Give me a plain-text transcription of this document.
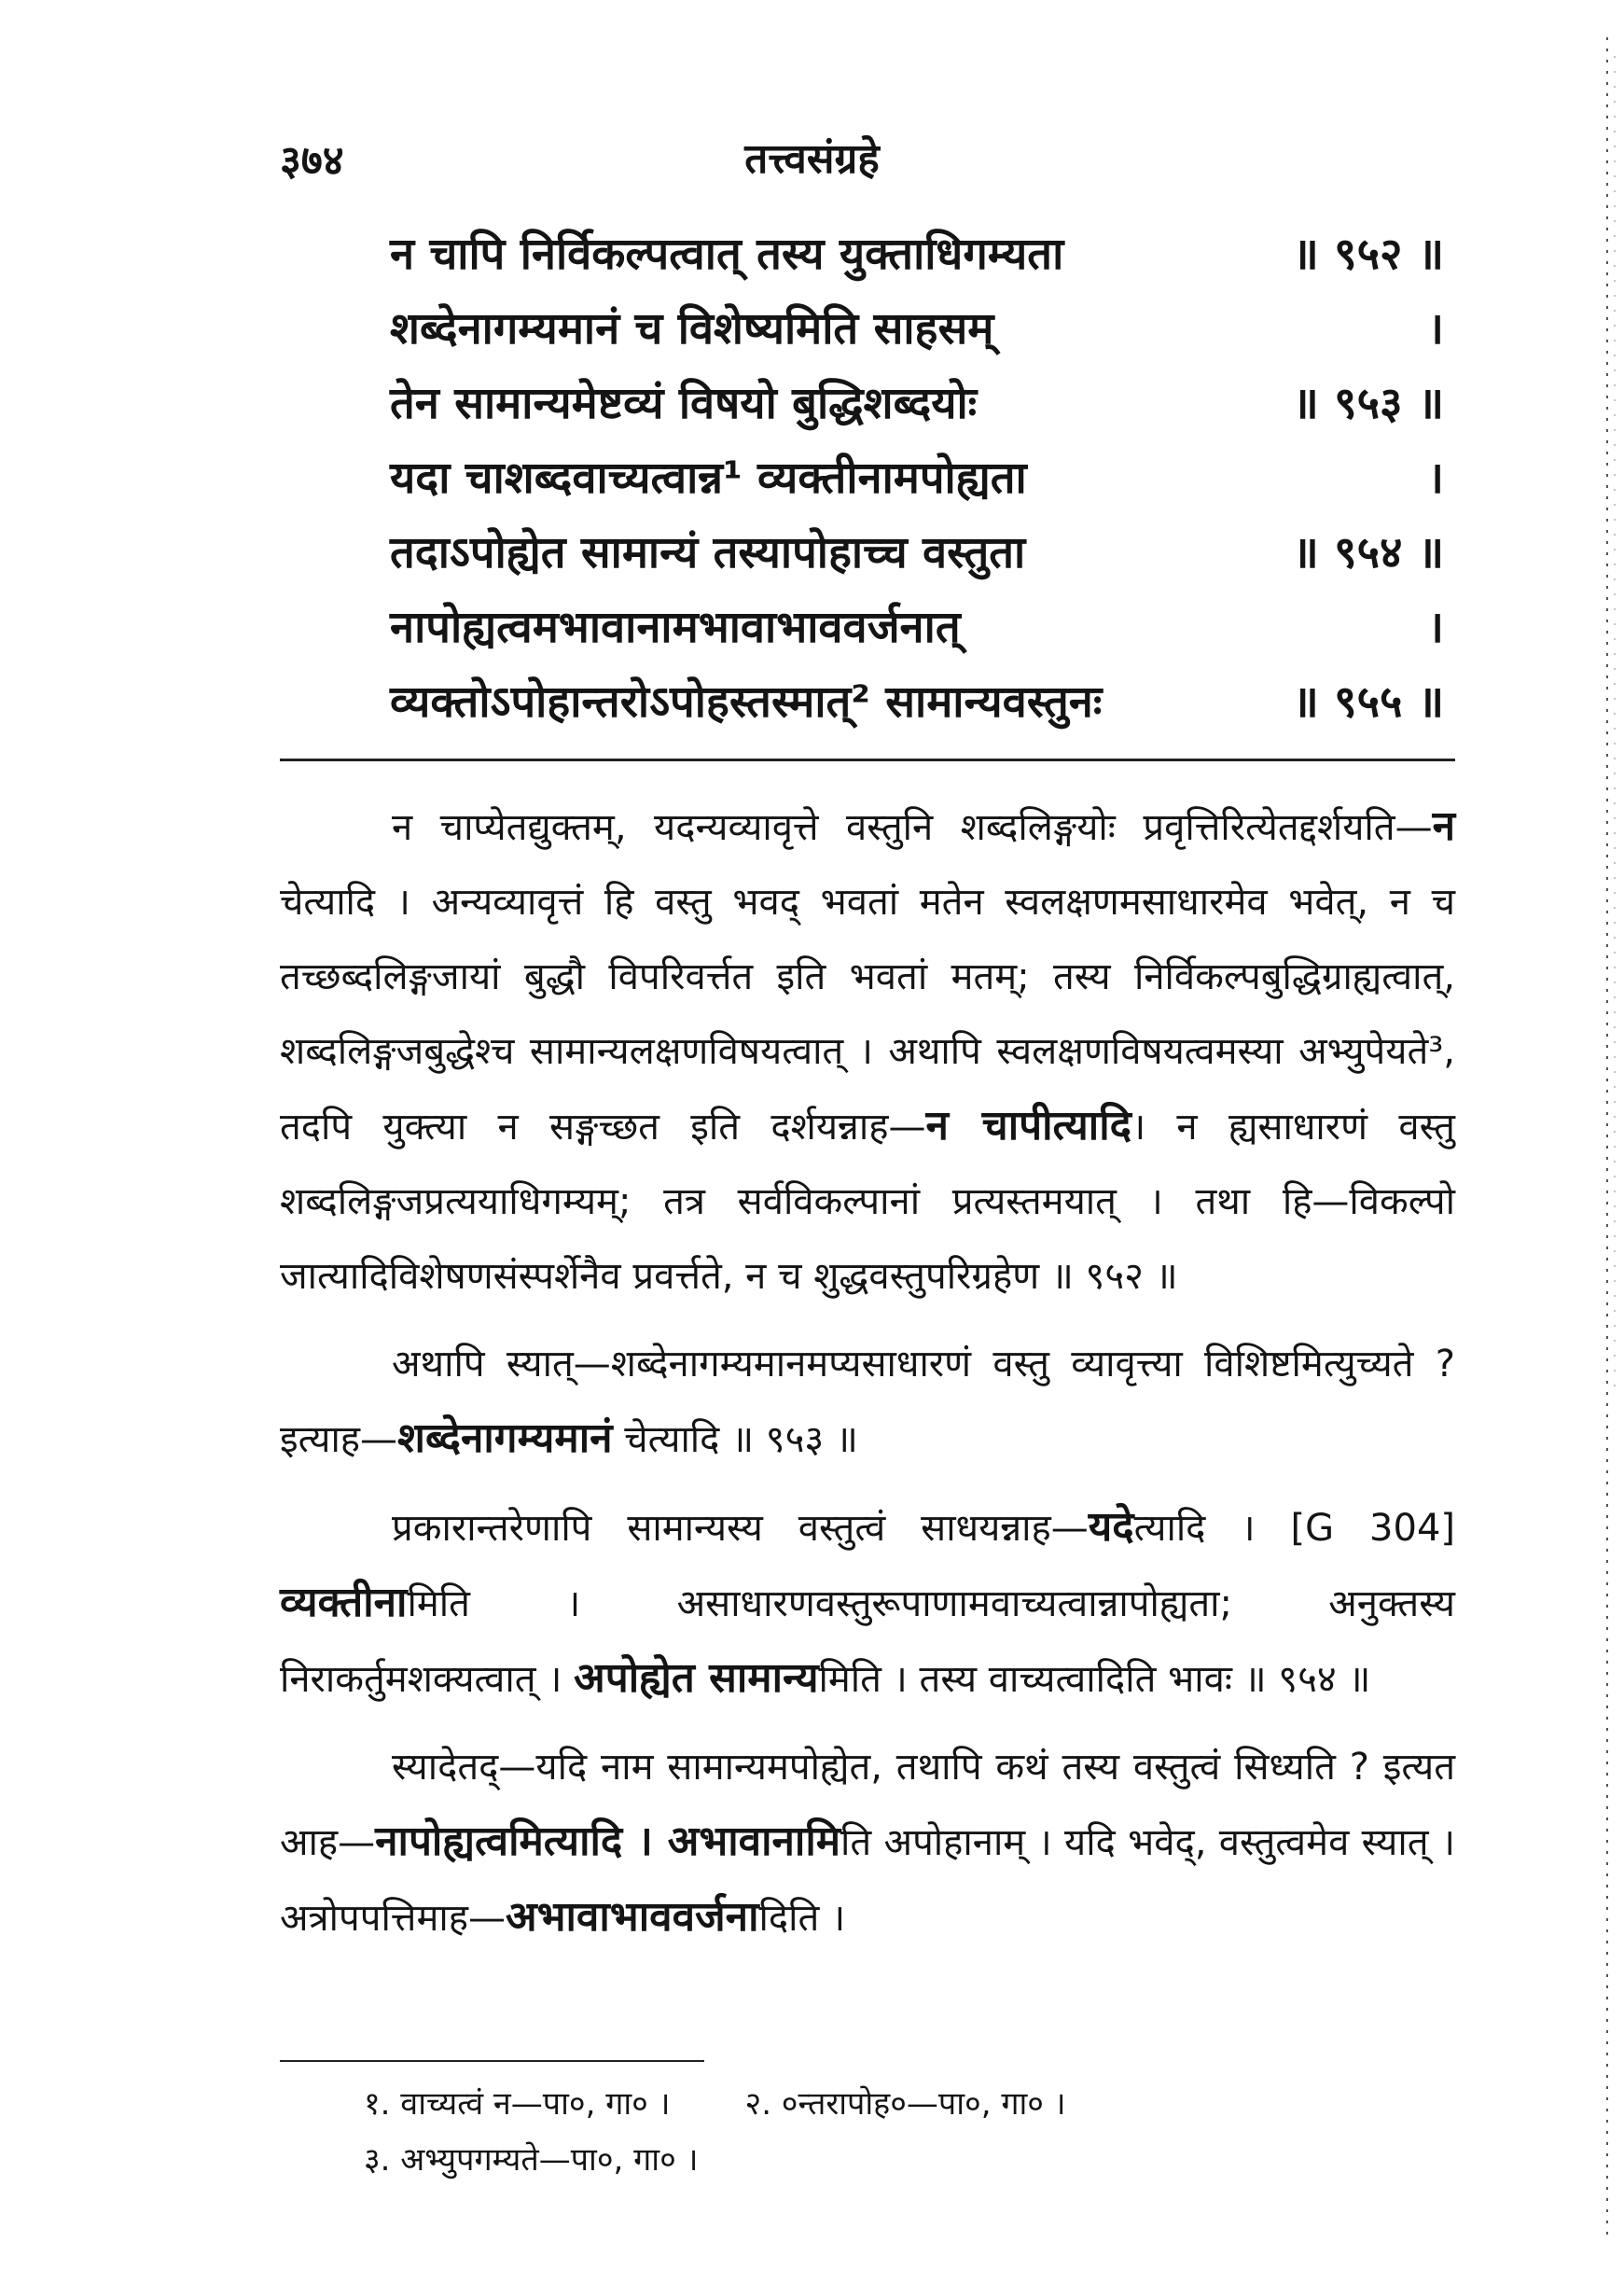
३७४	तत्त्वसंग्रहे
न चापि निर्विकल्पत्वात् तस्य युक्ताधिगम्यता	॥ ९५२ ॥
शब्देनागम्यमानं च विशेष्यमिति साहसम्	।
तेन सामान्यमेष्टव्यं विषयो बुद्धिशब्दयोः	॥ ९५३ ॥
यदा चाशब्दवाच्यत्वान्न¹ व्यक्तीनामपोह्यता	।
तदाऽपोह्येत सामान्यं तस्यापोहाच्च वस्तुता	॥ ९५४ ॥
नापोह्यत्वमभावानामभावाभाववर्जनात्	।
व्यक्तोऽपोहान्तरोऽपोहस्तस्मात्² सामान्यवस्तुनः	॥ ९५५ ॥

न चाप्येतद्युक्तम्, यदन्यव्यावृत्ते वस्तुनि शब्दलिङ्गयोः प्रवृत्तिरित्येतद्दर्शयति—न चेत्यादि । अन्यव्यावृत्तं हि वस्तु भवद् भवतां मतेन स्वलक्षणमसाधारमेव भवेत्, न च तच्छब्दलिङ्गजायां बुद्धौ विपरिवर्त्तत इति भवतां मतम्; तस्य निर्विकल्पबुद्धिग्राह्यत्वात्, शब्दलिङ्गजबुद्धेश्च सामान्यलक्षणविषयत्वात् । अथापि स्वलक्षणविषयत्वमस्या अभ्युपेयते³, तदपि युक्त्या न सङ्गच्छत इति दर्शयन्नाह—न चापीत्यादि। न ह्यसाधारणं वस्तु शब्दलिङ्गजप्रत्ययाधिगम्यम्; तत्र सर्वविकल्पानां प्रत्यस्तमयात् । तथा हि—विकल्पो जात्यादिविशेषणसंस्पर्शेनैव प्रवर्त्तते, न च शुद्धवस्तुपरिग्रहेण ॥ ९५२ ॥

अथापि स्यात्—शब्देनागम्यमानमप्यसाधारणं वस्तु व्यावृत्त्या विशिष्टमित्युच्यते ? इत्याह—शब्देनागम्यमानं चेत्यादि ॥ ९५३ ॥

प्रकारान्तरेणापि सामान्यस्य वस्तुत्वं साधयन्नाह—यदेत्यादि । [G 304] व्यक्तीनामिति । असाधारणवस्तुरूपाणामवाच्यत्वान्नापोह्यता; अनुक्तस्य निराकर्तुमशक्यत्वात् । अपोह्येत सामान्यमिति । तस्य वाच्यत्वादिति भावः ॥ ९५४ ॥

स्यादेतद्—यदि नाम सामान्यमपोह्येत, तथापि कथं तस्य वस्तुत्वं सिध्यति ? इत्यत आह—नापोह्यत्वमित्यादि । अभावानामिति अपोहानाम् । यदि भवेद्, वस्तुत्वमेव स्यात् । अत्रोपपत्तिमाह—अभावाभाववर्जनादिति ।

१. वाच्यत्वं न—पा०, गा० । २. ०न्तरापोह०—पा०, गा० ।
३. अभ्युपगम्यते—पा०, गा० ।
